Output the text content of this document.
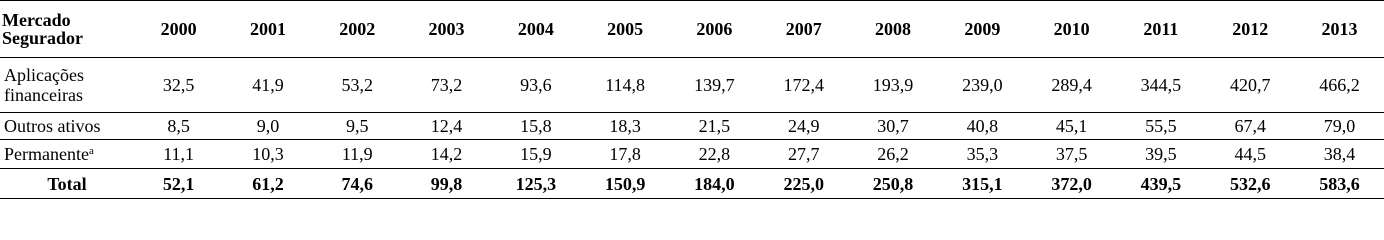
Mercado
Segurador	2000	2001	2002	2003	2004	2005	2006	2007	2008	2009	2010	2011	2012	2013
Aplicações
financeiras	32,5	41,9	53,2	73,2	93,6	114,8	139,7	172,4	193,9	239,0	289,4	344,5	420,7	466,2
Outros ativos	8,5	9,0	9,5	12,4	15,8	18,3	21,5	24,9	30,7	40,8	45,1	55,5	67,4	79,0
Permanente$^a$	11,1	10,3	11,9	14,2	15,9	17,8	22,8	27,7	26,2	35,3	37,5	39,5	44,5	38,4
Total	52,1	61,2	74,6	99,8	125,3	150,9	184,0	225,0	250,8	315,1	372,0	439,5	532,6	583,6
